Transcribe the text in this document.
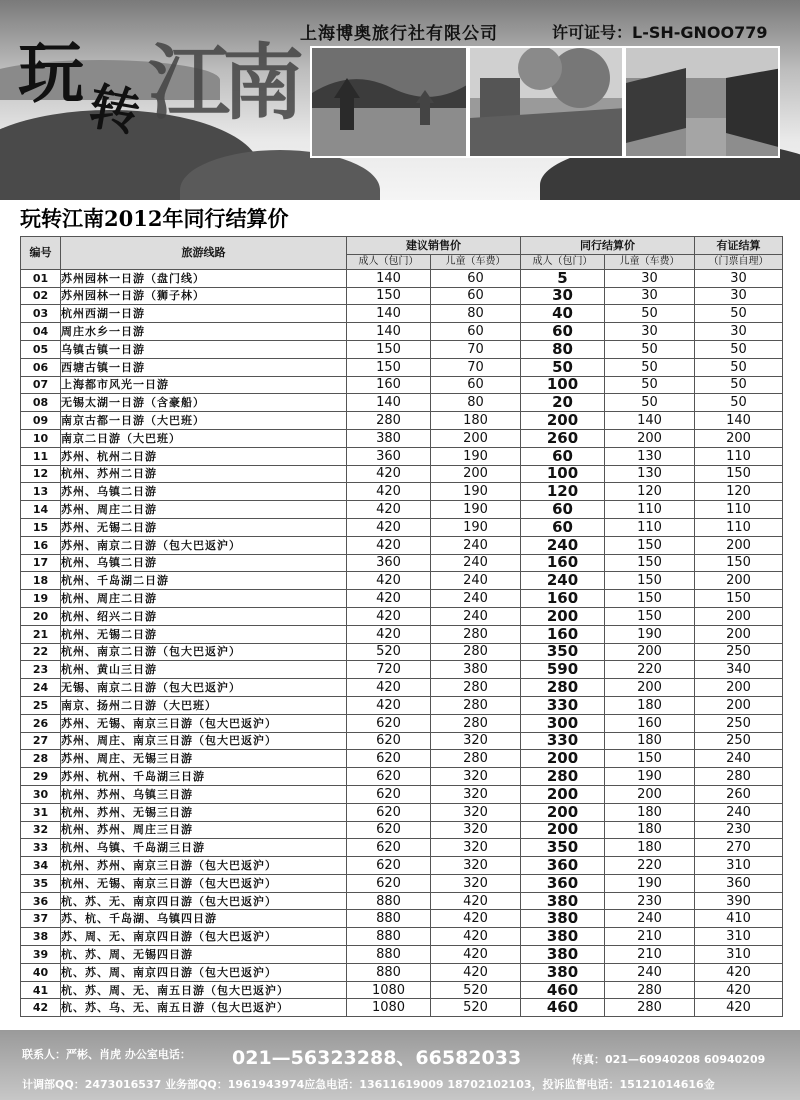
玩 转 江南
上海博奥旅行社有限公司	许可证号：L-SH-GNOO779
玩转江南2012年同行结算价
编号	旅游线路	建议销售价		同行结算价		有证结算
		成人（包门）	儿童（车费）	成人（包门）	儿童（车费）	（门票自理）
01	苏州园林一日游（盘门线）	140	60	5	30	30
02	苏州园林一日游（狮子林）	150	60	30	30	30
03	杭州西湖一日游	140	80	40	50	50
04	周庄水乡一日游	140	60	60	30	30
05	乌镇古镇一日游	150	70	80	50	50
06	西塘古镇一日游	150	70	50	50	50
07	上海都市风光一日游	160	60	100	50	50
08	无锡太湖一日游（含豪船）	140	80	20	50	50
09	南京古都一日游（大巴班）	280	180	200	140	140
10	南京二日游（大巴班）	380	200	260	200	200
11	苏州、杭州二日游	360	190	60	130	110
12	杭州、苏州二日游	420	200	100	130	150
13	苏州、乌镇二日游	420	190	120	120	120
14	苏州、周庄二日游	420	190	60	110	110
15	苏州、无锡二日游	420	190	60	110	110
16	苏州、南京二日游（包大巴返沪）	420	240	240	150	200
17	杭州、乌镇二日游	360	240	160	150	150
18	杭州、千岛湖二日游	420	240	240	150	200
19	杭州、周庄二日游	420	240	160	150	150
20	杭州、绍兴二日游	420	240	200	150	200
21	杭州、无锡二日游	420	280	160	190	200
22	杭州、南京二日游（包大巴返沪）	520	280	350	200	250
23	杭州、黄山三日游	720	380	590	220	340
24	无锡、南京二日游（包大巴返沪）	420	280	280	200	200
25	南京、扬州二日游（大巴班）	420	280	330	180	200
26	苏州、无锡、南京三日游（包大巴返沪）	620	280	300	160	250
27	苏州、周庄、南京三日游（包大巴返沪）	620	320	330	180	250
28	苏州、周庄、无锡三日游	620	280	200	150	240
29	苏州、杭州、千岛湖三日游	620	320	280	190	280
30	杭州、苏州、乌镇三日游	620	320	200	200	260
31	杭州、苏州、无锡三日游	620	320	200	180	240
32	杭州、苏州、周庄三日游	620	320	200	180	230
33	杭州、乌镇、千岛湖三日游	620	320	350	180	270
34	杭州、苏州、南京三日游（包大巴返沪）	620	320	360	220	310
35	杭州、无锡、南京三日游（包大巴返沪）	620	320	360	190	360
36	杭、苏、无、南京四日游（包大巴返沪）	880	420	380	230	390
37	苏、杭、千岛湖、乌镇四日游	880	420	380	240	410
38	苏、周、无、南京四日游（包大巴返沪）	880	420	380	210	310
39	杭、苏、周、无锡四日游	880	420	380	210	310
40	杭、苏、周、南京四日游（包大巴返沪）	880	420	380	240	420
41	杭、苏、周、无、南五日游（包大巴返沪）	1080	520	460	280	420
42	杭、苏、乌、无、南五日游（包大巴返沪）	1080	520	460	280	420
联系人：严彬、肖虎 办公室电话： 021—56323288、66582033	传真：021—60940208 60940209
计调部QQ：2473016537 业务部QQ：1961943974应急电话：13611619009 18702102103，投诉监督电话：15121014616金
